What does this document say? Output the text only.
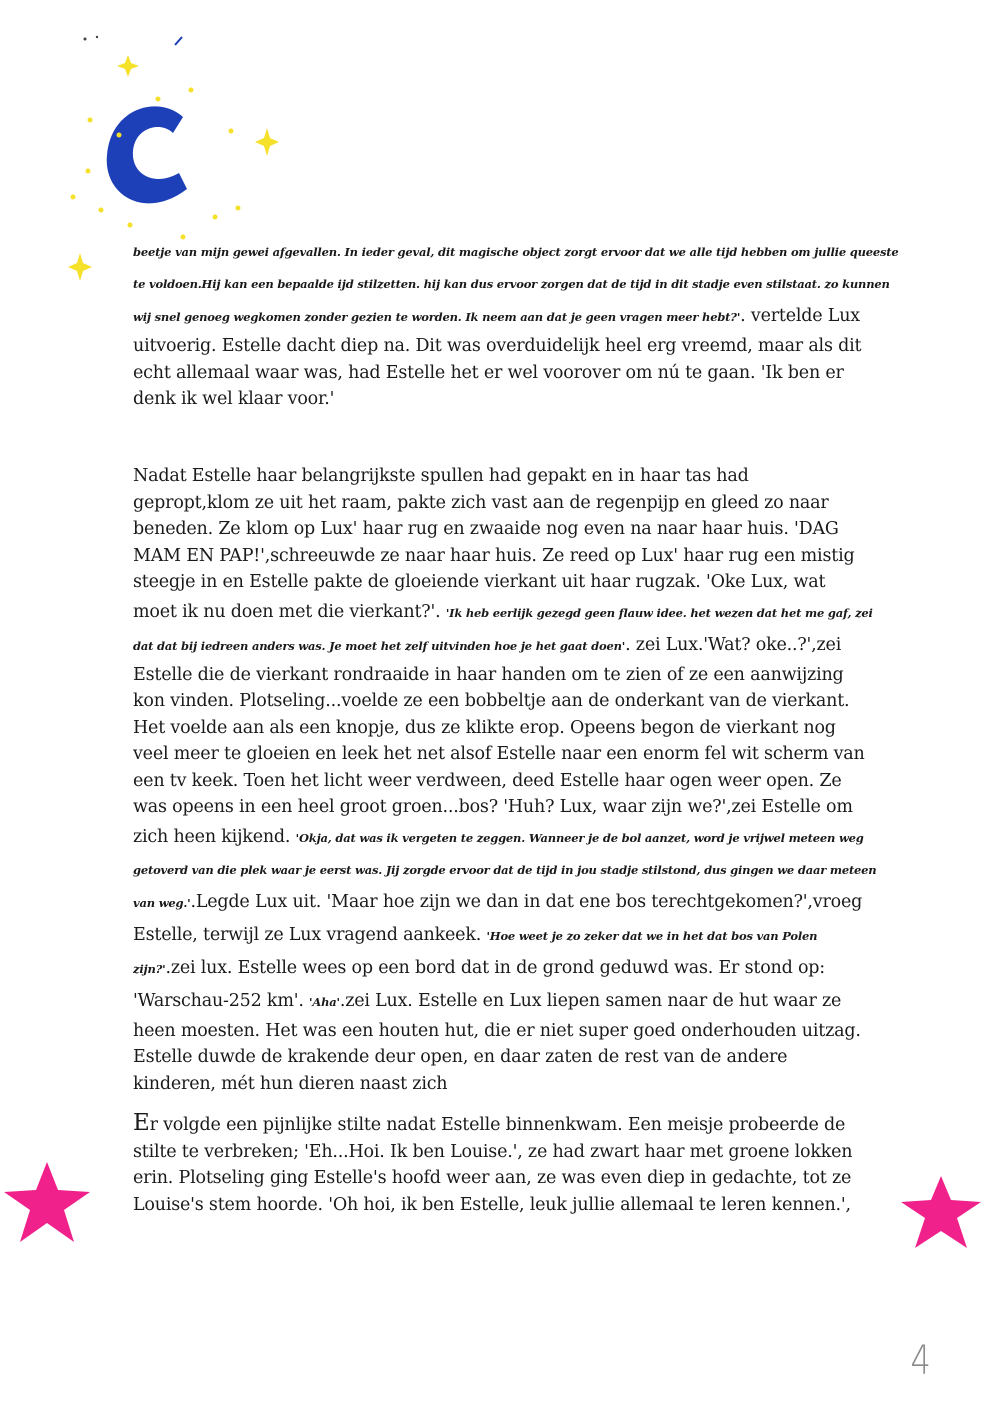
beetje van mijn gewei afgevallen. In ieder geval, dit magische object zorgt ervoor dat we alle tijd hebben om jullie queeste
te voldoen.Hij kan een bepaalde ijd stilzetten. hij kan dus ervoor zorgen dat de tijd in dit stadje even stilstaat. zo kunnen
wij snel genoeg wegkomen zonder gezien te worden. Ik neem aan dat je geen vragen meer hebt?'. vertelde Lux
uitvoerig. Estelle dacht diep na. Dit was overduidelijk heel erg vreemd, maar als dit
echt allemaal waar was, had Estelle het er wel voorover om nú te gaan. 'Ik ben er
denk ik wel klaar voor.'
Nadat Estelle haar belangrijkste spullen had gepakt en in haar tas had
gepropt,klom ze uit het raam, pakte zich vast aan de regenpijp en gleed zo naar
beneden. Ze klom op Lux' haar rug en zwaaide nog even na naar haar huis. 'DAG
MAM EN PAP!',schreeuwde ze naar haar huis. Ze reed op Lux' haar rug een mistig
steegje in en Estelle pakte de gloeiende vierkant uit haar rugzak. 'Oke Lux, wat
moet ik nu doen met die vierkant?'. 'Ik heb eerlijk gezegd geen flauw idee. het wezen dat het me gaf, zei
dat dat bij iedreen anders was. Je moet het zelf uitvinden hoe je het gaat doen'. zei Lux.'Wat? oke..?',zei
Estelle die de vierkant rondraaide in haar handen om te zien of ze een aanwijzing
kon vinden. Plotseling...voelde ze een bobbeltje aan de onderkant van de vierkant.
Het voelde aan als een knopje, dus ze klikte erop. Opeens begon de vierkant nog
veel meer te gloeien en leek het net alsof Estelle naar een enorm fel wit scherm van
een tv keek. Toen het licht weer verdween, deed Estelle haar ogen weer open. Ze
was opeens in een heel groot groen...bos? 'Huh? Lux, waar zijn we?',zei Estelle om
zich heen kijkend. 'Okja, dat was ik vergeten te zeggen. Wanneer je de bol aanzet, word je vrijwel meteen weg
getoverd van die plek waar je eerst was. Jij zorgde ervoor dat de tijd in jou stadje stilstond, dus gingen we daar meteen
van weg.'.Legde Lux uit. 'Maar hoe zijn we dan in dat ene bos terechtgekomen?',vroeg
Estelle, terwijl ze Lux vragend aankeek. 'Hoe weet je zo zeker dat we in het dat bos van Polen
zijn?'.zei lux. Estelle wees op een bord dat in de grond geduwd was. Er stond op:
'Warschau-252 km'. 'Aha'.zei Lux. Estelle en Lux liepen samen naar de hut waar ze
heen moesten. Het was een houten hut, die er niet super goed onderhouden uitzag.
Estelle duwde de krakende deur open, en daar zaten de rest van de andere
kinderen, mét hun dieren naast zich
Er volgde een pijnlijke stilte nadat Estelle binnenkwam. Een meisje probeerde de
stilte te verbreken; 'Eh...Hoi. Ik ben Louise.', ze had zwart haar met groene lokken
erin. Plotseling ging Estelle's hoofd weer aan, ze was even diep in gedachte, tot ze
Louise's stem hoorde. 'Oh hoi, ik ben Estelle, leuk jullie allemaal te leren kennen.',
4
